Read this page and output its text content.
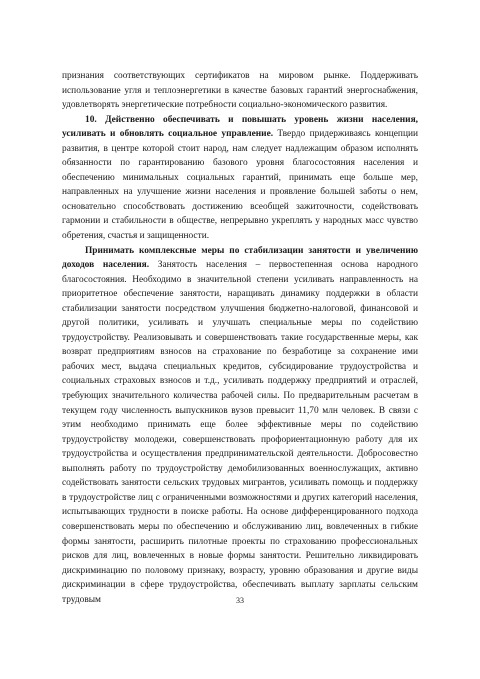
признания соответствующих сертификатов на мировом рынке. Поддерживать использование угля и теплоэнергетики в качестве базовых гарантий энергоснабжения, удовлетворять энергетические потребности социально-экономического развития.

10. Действенно обеспечивать и повышать уровень жизни населения, усиливать и обновлять социальное управление. Твердо придерживаясь концепции развития, в центре которой стоит народ, нам следует надлежащим образом исполнять обязанности по гарантированию базового уровня благосостояния населения и обеспечению минимальных социальных гарантий, принимать еще больше мер, направленных на улучшение жизни населения и проявление большей заботы о нем, основательно способствовать достижению всеобщей зажиточности, содействовать гармонии и стабильности в обществе, непрерывно укреплять у народных масс чувство обретения, счастья и защищенности.

Принимать комплексные меры по стабилизации занятости и увеличению доходов населения. Занятость населения – первостепенная основа народного благосостояния. Необходимо в значительной степени усиливать направленность на приоритетное обеспечение занятости, наращивать динамику поддержки в области стабилизации занятости посредством улучшения бюджетно-налоговой, финансовой и другой политики, усиливать и улучшать специальные меры по содействию трудоустройству. Реализовывать и совершенствовать такие государственные меры, как возврат предприятиям взносов на страхование по безработице за сохранение ими рабочих мест, выдача специальных кредитов, субсидирование трудоустройства и социальных страховых взносов и т.д., усиливать поддержку предприятий и отраслей, требующих значительного количества рабочей силы. По предварительным расчетам в текущем году численность выпускников вузов превысит 11,70 млн человек. В связи с этим необходимо принимать еще более эффективные меры по содействию трудоустройству молодежи, совершенствовать профориентационную работу для их трудоустройства и осуществления предпринимательской деятельности. Добросовестно выполнять работу по трудоустройству демобилизованных военнослужащих, активно содействовать занятости сельских трудовых мигрантов, усиливать помощь и поддержку в трудоустройстве лиц с ограниченными возможностями и других категорий населения, испытывающих трудности в поиске работы. На основе дифференцированного подхода совершенствовать меры по обеспечению и обслуживанию лиц, вовлеченных в гибкие формы занятости, расширить пилотные проекты по страхованию профессиональных рисков для лиц, вовлеченных в новые формы занятости. Решительно ликвидировать дискриминацию по половому признаку, возрасту, уровню образования и другие виды дискриминации в сфере трудоустройства, обеспечивать выплату зарплаты сельским трудовым	33
